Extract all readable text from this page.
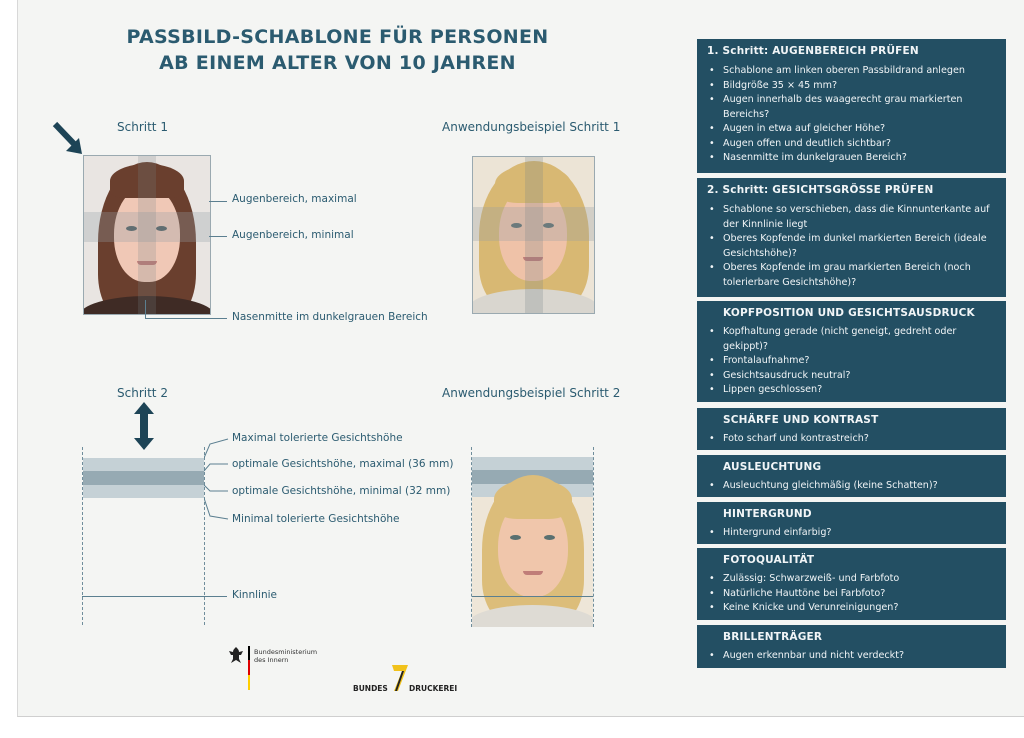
PASSBILD-SCHABLONE FÜR PERSONEN
AB EINEM ALTER VON 10 JAHREN
Schritt 1	Anwendungsbeispiel Schritt 1
Augenbereich, maximal
Augenbereich, minimal
Nasenmitte im dunkelgrauen Bereich
Schritt 2	Anwendungsbeispiel Schritt 2
Maximal tolerierte Gesichtshöhe
optimale Gesichtshöhe, maximal (36 mm)
optimale Gesichtshöhe, minimal (32 mm)
Minimal tolerierte Gesichtshöhe
Kinnlinie
Bundesministerium
des Innern
BUNDES	DRUCKEREI
1. Schritt: AUGENBEREICH PRÜFEN
• Schablone am linken oberen Passbildrand anlegen
• Bildgröße 35 × 45 mm?
• Augen innerhalb des waagerecht grau markierten Bereichs?
• Augen in etwa auf gleicher Höhe?
• Augen offen und deutlich sichtbar?
• Nasenmitte im dunkelgrauen Bereich?
2. Schritt: GESICHTSGRÖSSE PRÜFEN
• Schablone so verschieben, dass die Kinnunterkante auf der Kinnlinie liegt
• Oberes Kopfende im dunkel markierten Bereich (ideale Gesichtshöhe)?
• Oberes Kopfende im grau markierten Bereich (noch tolerierbare Gesichtshöhe)?
KOPFPOSITION UND GESICHTSAUSDRUCK
• Kopfhaltung gerade (nicht geneigt, gedreht oder gekippt)?
• Frontalaufnahme?
• Gesichtsausdruck neutral?
• Lippen geschlossen?
SCHÄRFE UND KONTRAST
• Foto scharf und kontrastreich?
AUSLEUCHTUNG
• Ausleuchtung gleichmäßig (keine Schatten)?
HINTERGRUND
• Hintergrund einfarbig?
FOTOQUALITÄT
• Zulässig: Schwarzweiß- und Farbfoto
• Natürliche Hauttöne bei Farbfoto?
• Keine Knicke und Verunreinigungen?
BRILLENTRÄGER
• Augen erkennbar und nicht verdeckt?
